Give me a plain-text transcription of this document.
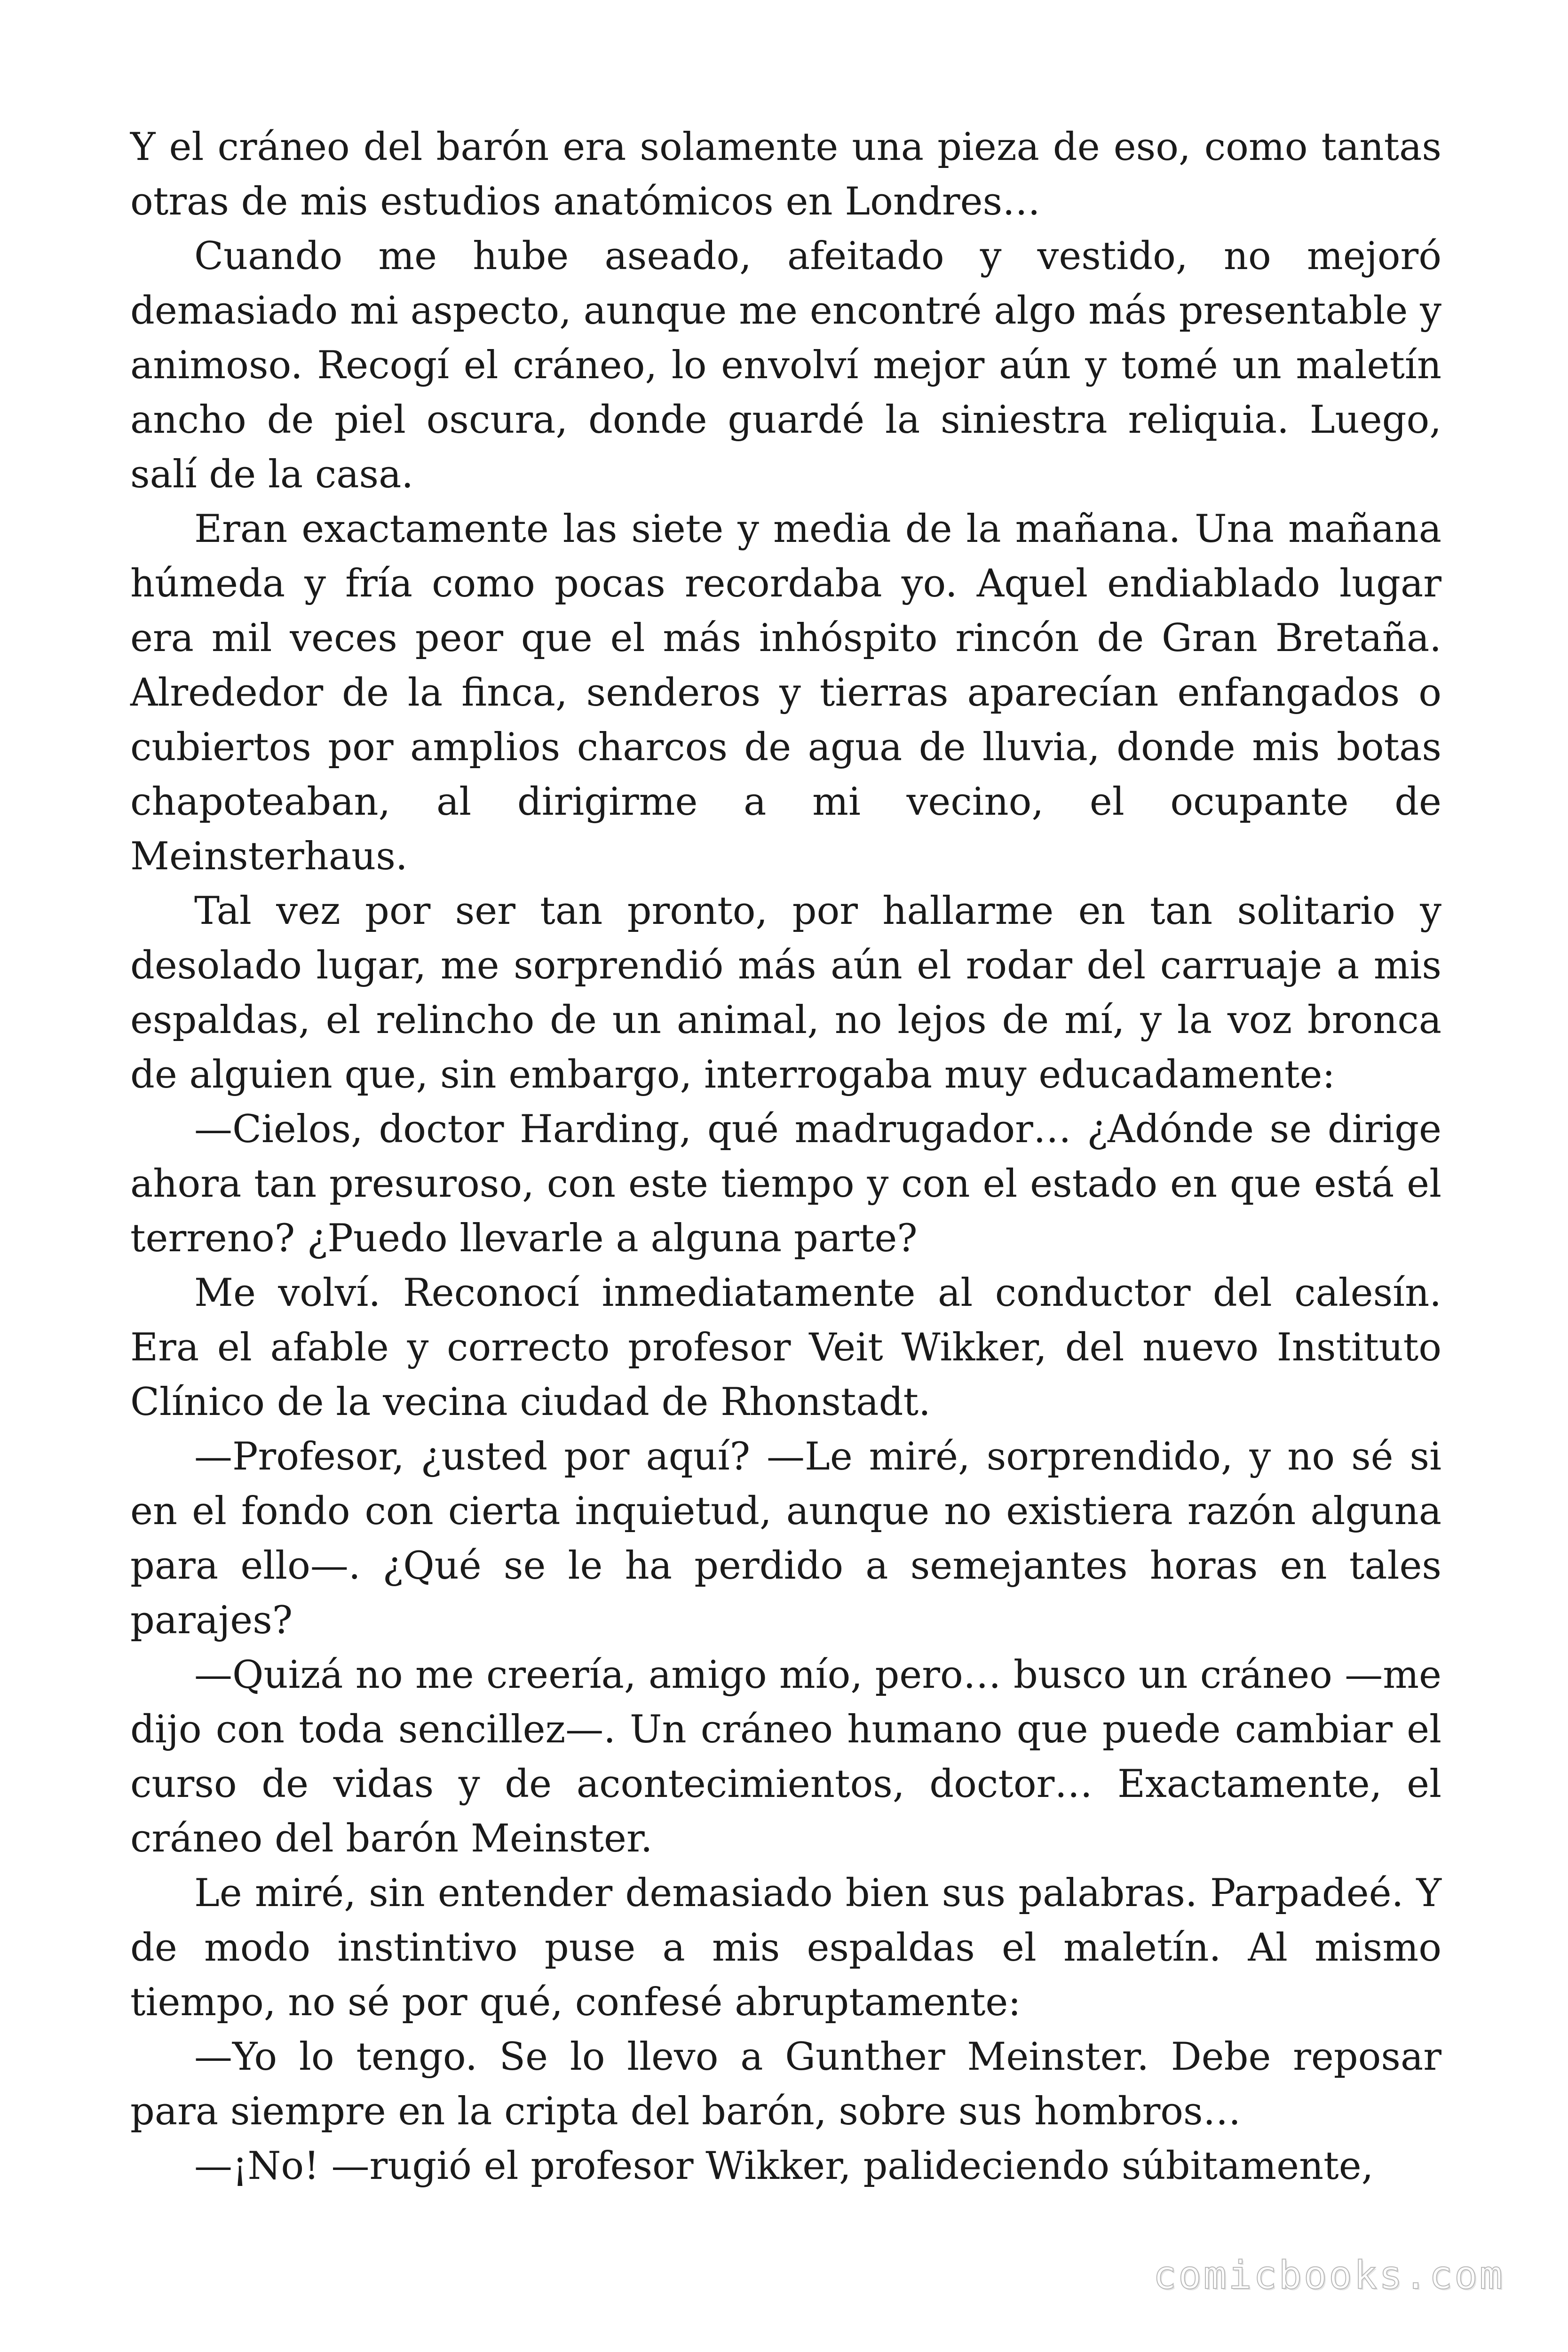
Y el cráneo del barón era solamente una pieza de eso, como tantas otras de mis estudios anatómicos en Londres…

Cuando me hube aseado, afeitado y vestido, no mejoró demasiado mi aspecto, aunque me encontré algo más presentable y animoso. Recogí el cráneo, lo envolví mejor aún y tomé un maletín ancho de piel oscura, donde guardé la siniestra reliquia. Luego, salí de la casa.

Eran exactamente las siete y media de la mañana. Una mañana húmeda y fría como pocas recordaba yo. Aquel endiablado lugar era mil veces peor que el más inhóspito rincón de Gran Bretaña. Alrededor de la finca, senderos y tierras aparecían enfangados o cubiertos por amplios charcos de agua de lluvia, donde mis botas chapoteaban, al dirigirme a mi vecino, el ocupante de Meinsterhaus.

Tal vez por ser tan pronto, por hallarme en tan solitario y desolado lugar, me sorprendió más aún el rodar del carruaje a mis espaldas, el relincho de un animal, no lejos de mí, y la voz bronca de alguien que, sin embargo, interrogaba muy educadamente:

—Cielos, doctor Harding, qué madrugador… ¿Adónde se dirige ahora tan presuroso, con este tiempo y con el estado en que está el terreno? ¿Puedo llevarle a alguna parte?

Me volví. Reconocí inmediatamente al conductor del calesín. Era el afable y correcto profesor Veit Wikker, del nuevo Instituto Clínico de la vecina ciudad de Rhonstadt.

—Profesor, ¿usted por aquí? —Le miré, sorprendido, y no sé si en el fondo con cierta inquietud, aunque no existiera razón alguna para ello—. ¿Qué se le ha perdido a semejantes horas en tales parajes?

—Quizá no me creería, amigo mío, pero… busco un cráneo —me dijo con toda sencillez—. Un cráneo humano que puede cambiar el curso de vidas y de acontecimientos, doctor… Exactamente, el cráneo del barón Meinster.

Le miré, sin entender demasiado bien sus palabras. Parpadeé. Y de modo instintivo puse a mis espaldas el maletín. Al mismo tiempo, no sé por qué, confesé abruptamente:

—Yo lo tengo. Se lo llevo a Gunther Meinster. Debe reposar para siempre en la cripta del barón, sobre sus hombros…

—¡No! —rugió el profesor Wikker, palideciendo súbitamente,

comicbooks.com
